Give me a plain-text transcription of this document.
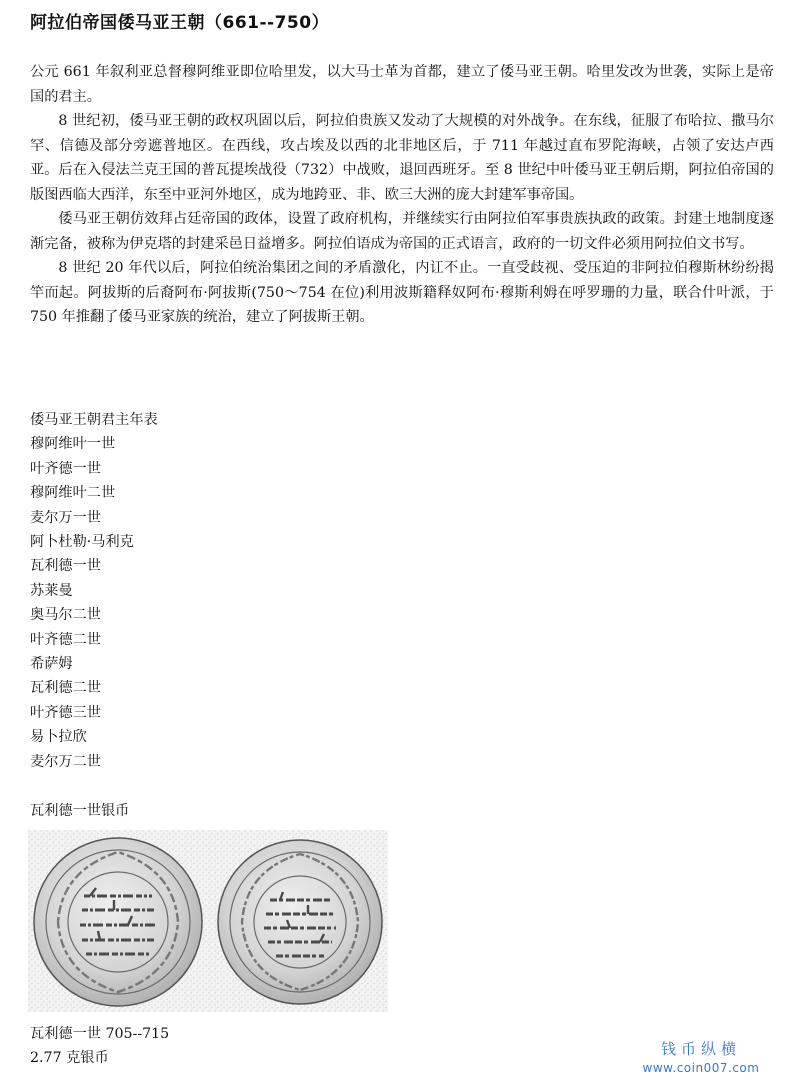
阿拉伯帝国倭马亚王朝（661--750）

公元 661 年叙利亚总督穆阿维亚即位哈里发，以大马士革为首都，建立了倭马亚王朝。哈里发改为世袭，实际上是帝国的君主。

8 世纪初，倭马亚王朝的政权巩固以后，阿拉伯贵族又发动了大规模的对外战争。在东线，征服了布哈拉、撒马尔罕、信德及部分旁遮普地区。在西线，攻占埃及以西的北非地区后，于 711 年越过直布罗陀海峡，占领了安达卢西亚。后在入侵法兰克王国的普瓦提埃战役（732）中战败，退回西班牙。至 8 世纪中叶倭马亚王朝后期，阿拉伯帝国的版图西临大西洋，东至中亚河外地区，成为地跨亚、非、欧三大洲的庞大封建军事帝国。

倭马亚王朝仿效拜占廷帝国的政体，设置了政府机构，并继续实行由阿拉伯军事贵族执政的政策。封建土地制度逐渐完备，被称为伊克塔的封建采邑日益增多。阿拉伯语成为帝国的正式语言，政府的一切文件必须用阿拉伯文书写。

8 世纪 20 年代以后，阿拉伯统治集团之间的矛盾激化，内讧不止。一直受歧视、受压迫的非阿拉伯穆斯林纷纷揭竿而起。阿拔斯的后裔阿布·阿拔斯(750～754 在位)利用波斯籍释奴阿布·穆斯利姆在呼罗珊的力量，联合什叶派，于 750 年推翻了倭马亚家族的统治，建立了阿拔斯王朝。

倭马亚王朝君主年表
穆阿维叶一世
叶齐德一世
穆阿维叶二世
麦尔万一世
阿卜杜勒·马利克
瓦利德一世
苏莱曼
奥马尔二世
叶齐德二世
希萨姆
瓦利德二世
叶齐德三世
易卜拉欣
麦尔万二世
瓦利德一世银币
瓦利德一世 705--715
2.77 克银币	钱币纵横
www.coin007.com
